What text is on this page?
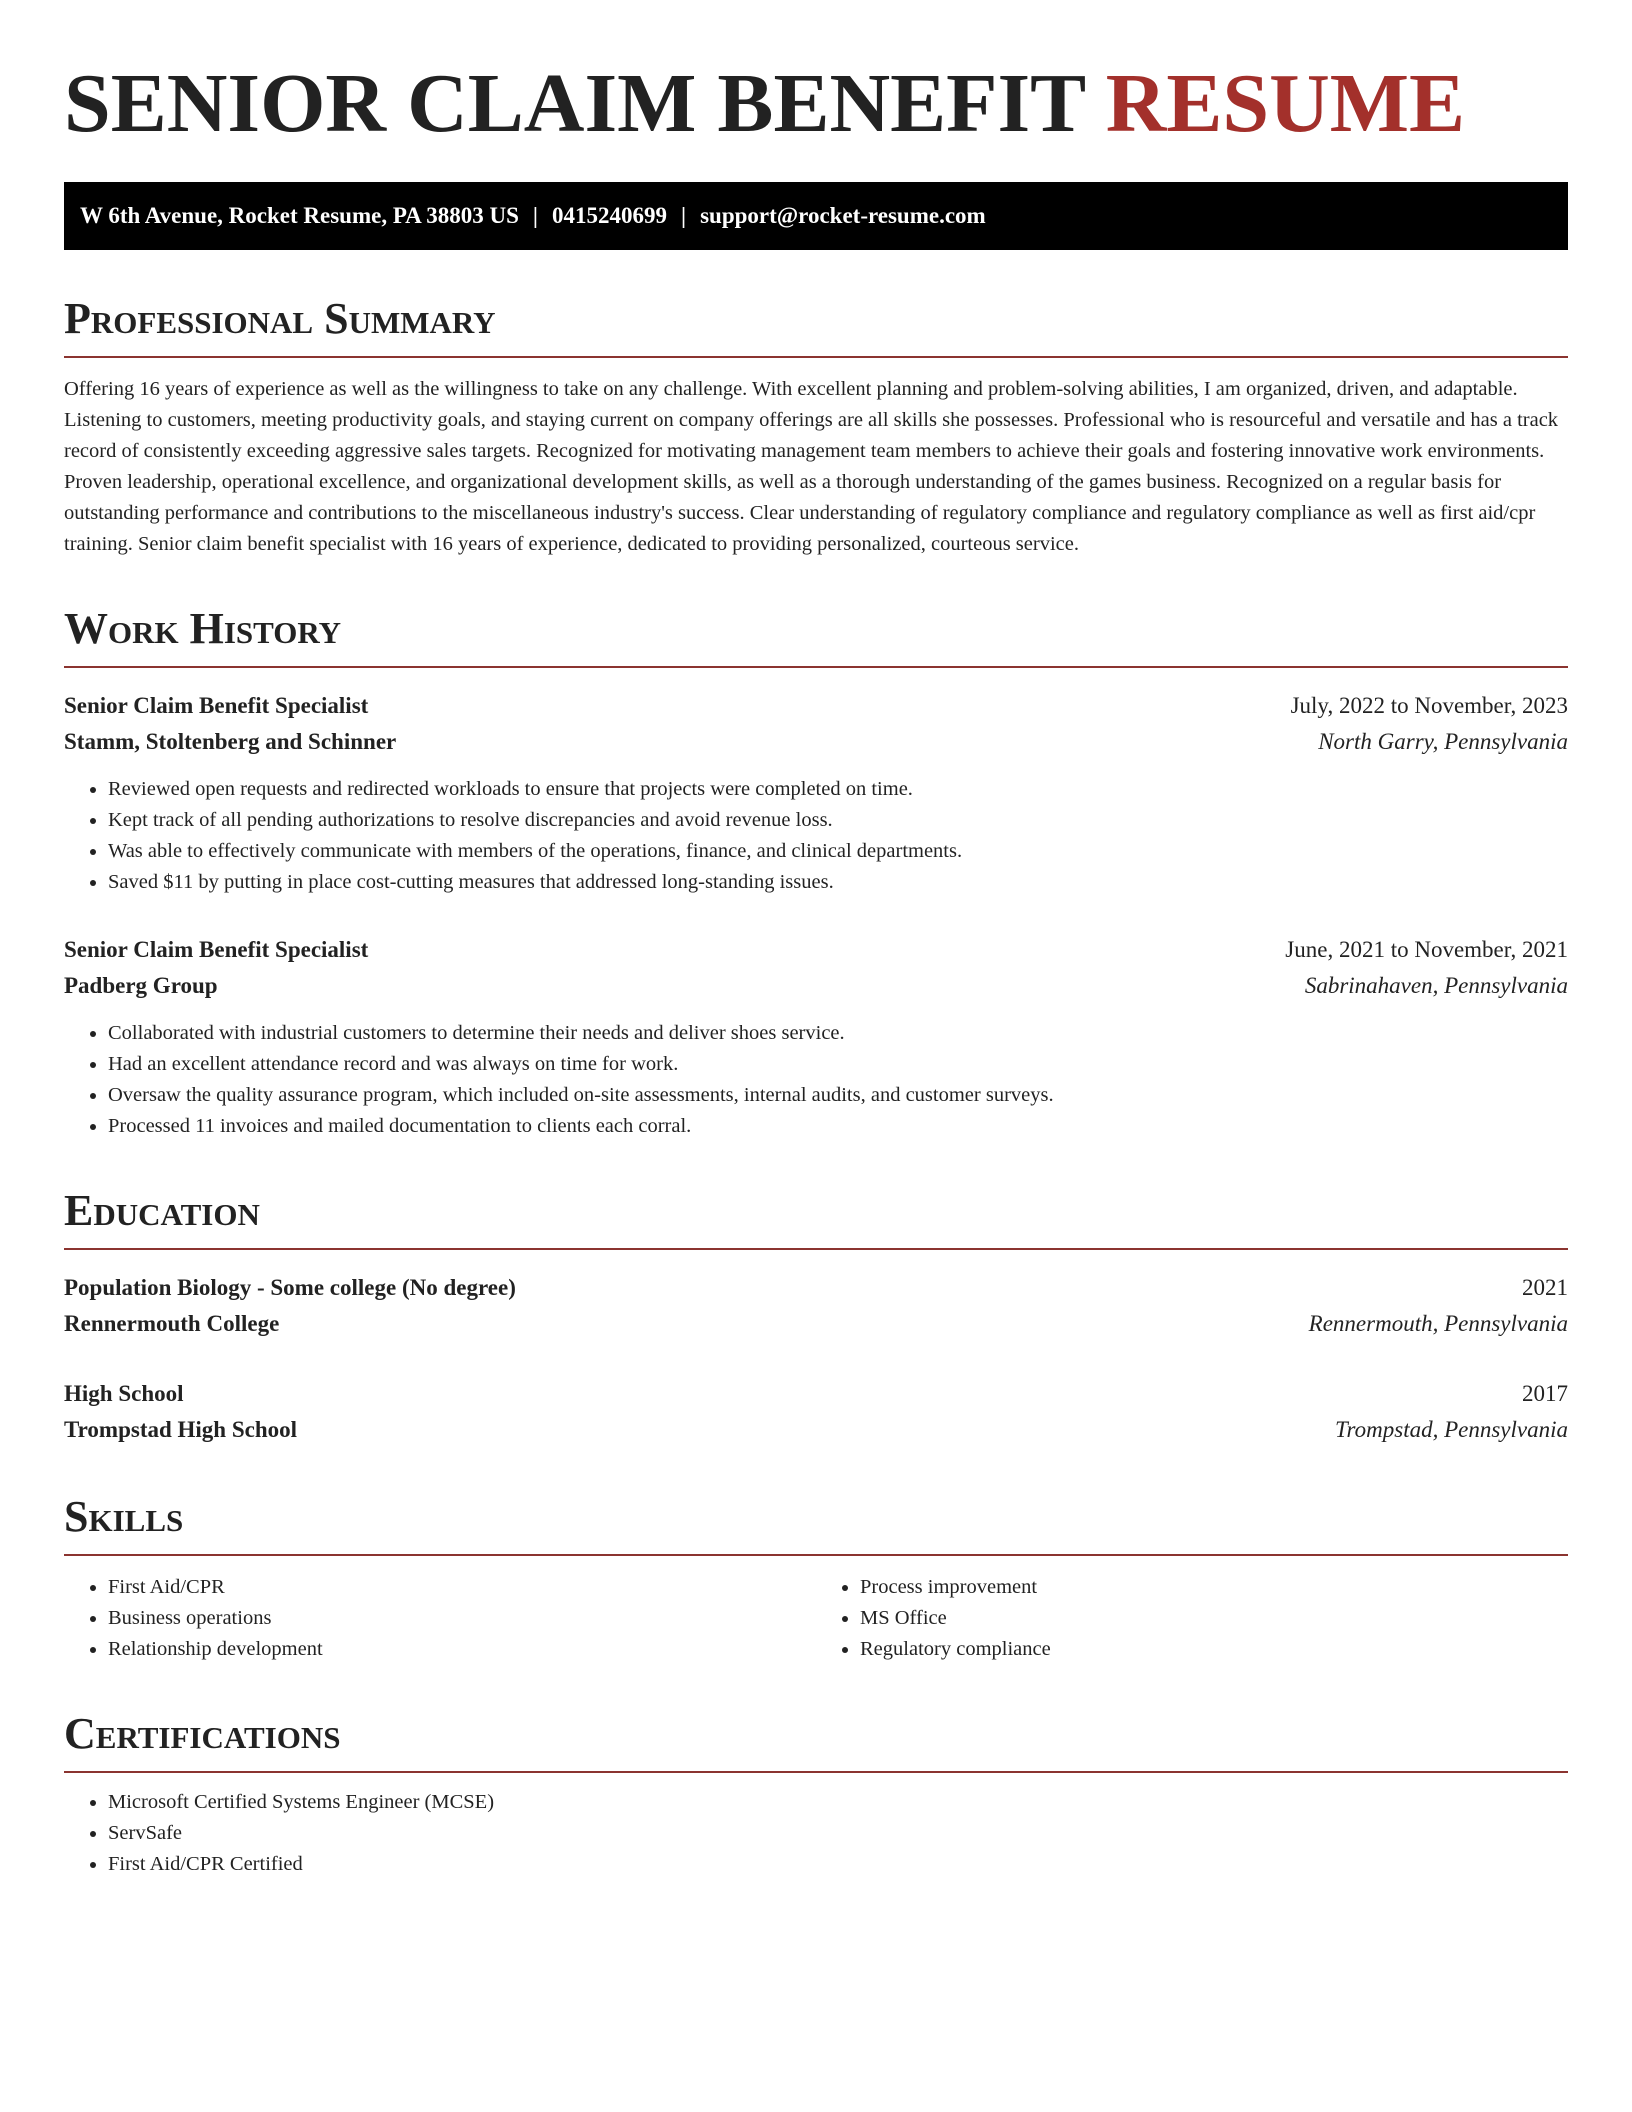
SENIOR CLAIM BENEFIT RESUME
W 6th Avenue, Rocket Resume, PA 38803 US | 0415240699 | support@rocket-resume.com
Professional Summary

Offering 16 years of experience as well as the willingness to take on any challenge. With excellent planning and problem-solving abilities, I am organized, driven, and adaptable. Listening to customers, meeting productivity goals, and staying current on company offerings are all skills she possesses. Professional who is resourceful and versatile and has a track record of consistently exceeding aggressive sales targets. Recognized for motivating management team members to achieve their goals and fostering innovative work environments. Proven leadership, operational excellence, and organizational development skills, as well as a thorough understanding of the games business. Recognized on a regular basis for outstanding performance and contributions to the miscellaneous industry's success. Clear understanding of regulatory compliance and regulatory compliance as well as first aid/cpr training. Senior claim benefit specialist with 16 years of experience, dedicated to providing personalized, courteous service.

Work History
Senior Claim Benefit Specialist	July, 2022 to November, 2023
Stamm, Stoltenberg and Schinner	North Garry, Pennsylvania
• Reviewed open requests and redirected workloads to ensure that projects were completed on time.
• Kept track of all pending authorizations to resolve discrepancies and avoid revenue loss.
• Was able to effectively communicate with members of the operations, finance, and clinical departments.
• Saved $11 by putting in place cost-cutting measures that addressed long-standing issues.
Senior Claim Benefit Specialist	June, 2021 to November, 2021
Padberg Group	Sabrinahaven, Pennsylvania
• Collaborated with industrial customers to determine their needs and deliver shoes service.
• Had an excellent attendance record and was always on time for work.
• Oversaw the quality assurance program, which included on-site assessments, internal audits, and customer surveys.
• Processed 11 invoices and mailed documentation to clients each corral.
Education
Population Biology - Some college (No degree)	2021
Rennermouth College	Rennermouth, Pennsylvania
High School	2017
Trompstad High School	Trompstad, Pennsylvania
Skills
• First Aid/CPR
• Business operations
• Relationship development
• Process improvement
• MS Office
• Regulatory compliance
Certifications
• Microsoft Certified Systems Engineer (MCSE)
• ServSafe
• First Aid/CPR Certified
